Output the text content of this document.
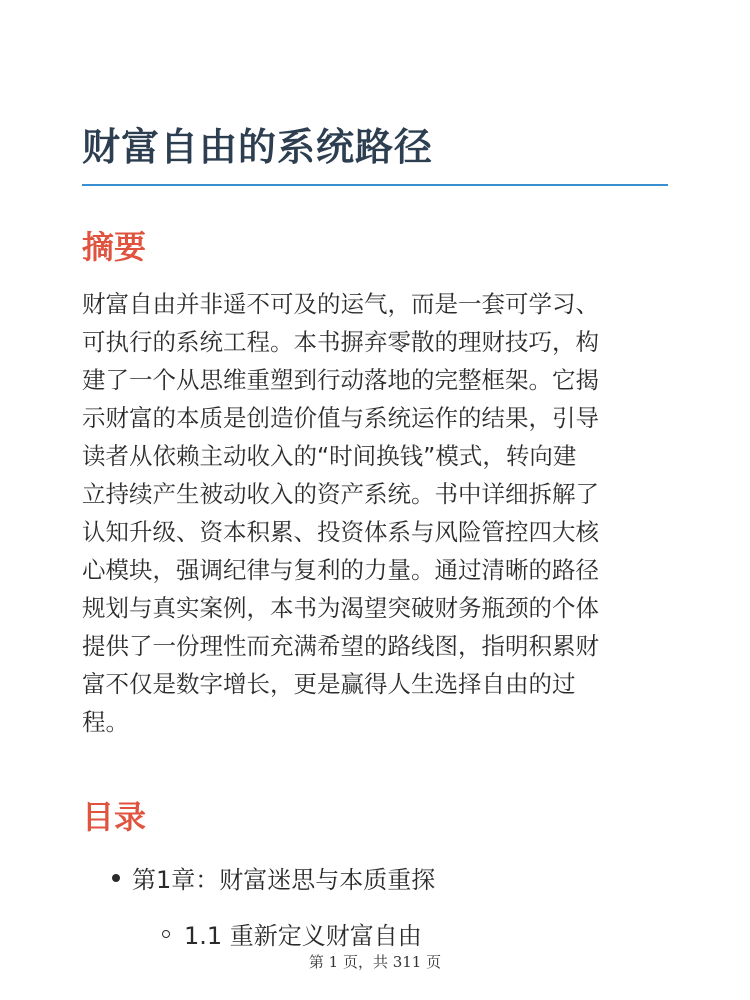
财富自由的系统路径
摘要

财富自由并非遥不可及的运气，而是一套可学习、
可执行的系统工程。本书摒弃零散的理财技巧，构
建了一个从思维重塑到行动落地的完整框架。它揭
示财富的本质是创造价值与系统运作的结果，引导
读者从依赖主动收入的“时间换钱”模式，转向建
立持续产生被动收入的资产系统。书中详细拆解了
认知升级、资本积累、投资体系与风险管控四大核
心模块，强调纪律与复利的力量。通过清晰的路径
规划与真实案例，本书为渴望突破财务瓶颈的个体
提供了一份理性而充满希望的路线图，指明积累财
富不仅是数字增长，更是赢得人生选择自由的过
程。

目录
第1章：财富迷思与本质重探
1.1 重新定义财富自由
第 1 页，共 311 页
